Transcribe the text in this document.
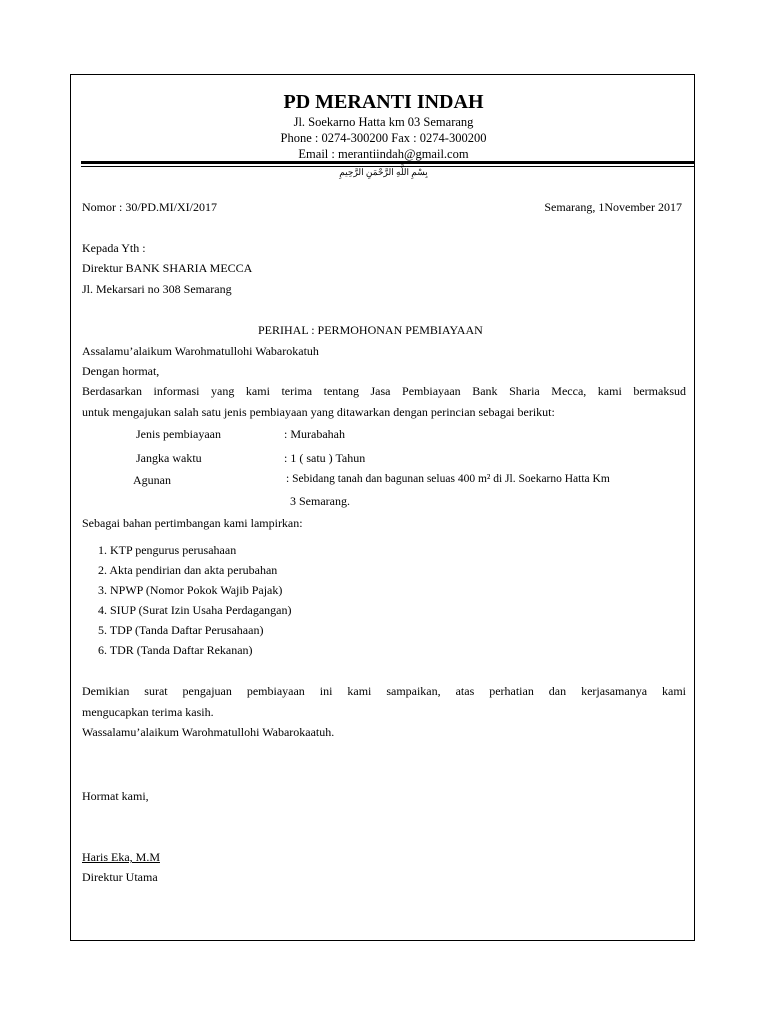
PD MERANTI INDAH
Jl. Soekarno Hatta km 03 Semarang
Phone : 0274-300200 Fax : 0274-300200
Email : merantiindah@gmail.com
بِسْمِ اللَّهِ الرَّحْمَنِ الرَّحِيمِ
Nomor : 30/PD.MI/XI/2017	Semarang, 1November 2017
Kepada Yth :
Direktur BANK SHARIA MECCA
Jl. Mekarsari no 308 Semarang
PERIHAL : PERMOHONAN PEMBIAYAAN
Assalamu’alaikum Warohmatullohi Wabarokatuh
Dengan hormat,
Berdasarkan informasi yang kami terima tentang Jasa Pembiayaan Bank Sharia Mecca, kami bermaksud
untuk mengajukan salah satu jenis pembiayaan yang ditawarkan dengan perincian sebagai berikut:
Jenis pembiayaan	: Murabahah
Jangka waktu	: 1 ( satu ) Tahun
Agunan	: Sebidang tanah dan bagunan seluas 400 m² di Jl. Soekarno Hatta Km
3 Semarang.
Sebagai bahan pertimbangan kami lampirkan:
1. KTP pengurus perusahaan
2. Akta pendirian dan akta perubahan
3. NPWP (Nomor Pokok Wajib Pajak)
4. SIUP (Surat Izin Usaha Perdagangan)
5. TDP (Tanda Daftar Perusahaan)
6. TDR (Tanda Daftar Rekanan)
Demikian surat pengajuan pembiayaan ini kami sampaikan, atas perhatian dan kerjasamanya kami
mengucapkan terima kasih.
Wassalamu’alaikum Warohmatullohi Wabarokaatuh.
Hormat kami,
Haris Eka, M.M
Direktur Utama
